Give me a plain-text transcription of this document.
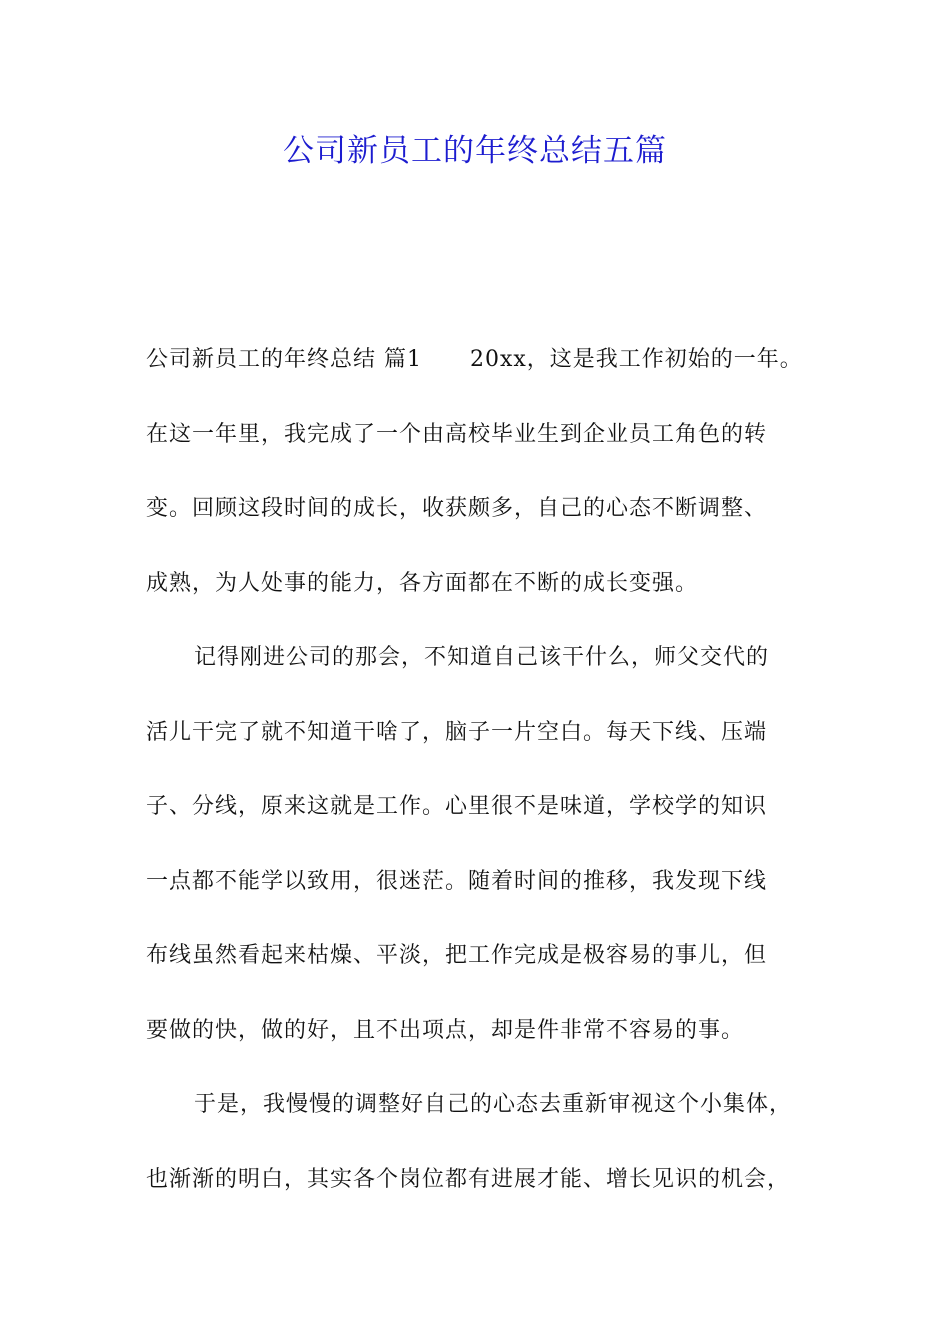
公司新员工的年终总结五篇
公司新员工的年终总结 篇1 20xx，这是我工作初始的一年。
在这一年里，我完成了一个由高校毕业生到企业员工角色的转
变。回顾这段时间的成长，收获颇多，自己的心态不断调整、
成熟，为人处事的能力，各方面都在不断的成长变强。
记得刚进公司的那会，不知道自己该干什么，师父交代的
活儿干完了就不知道干啥了，脑子一片空白。每天下线、压端
子、分线，原来这就是工作。心里很不是味道，学校学的知识
一点都不能学以致用，很迷茫。随着时间的推移，我发现下线
布线虽然看起来枯燥、平淡，把工作完成是极容易的事儿，但
要做的快，做的好，且不出项点，却是件非常不容易的事。
于是，我慢慢的调整好自己的心态去重新审视这个小集体，
也渐渐的明白，其实各个岗位都有进展才能、增长见识的机会，
